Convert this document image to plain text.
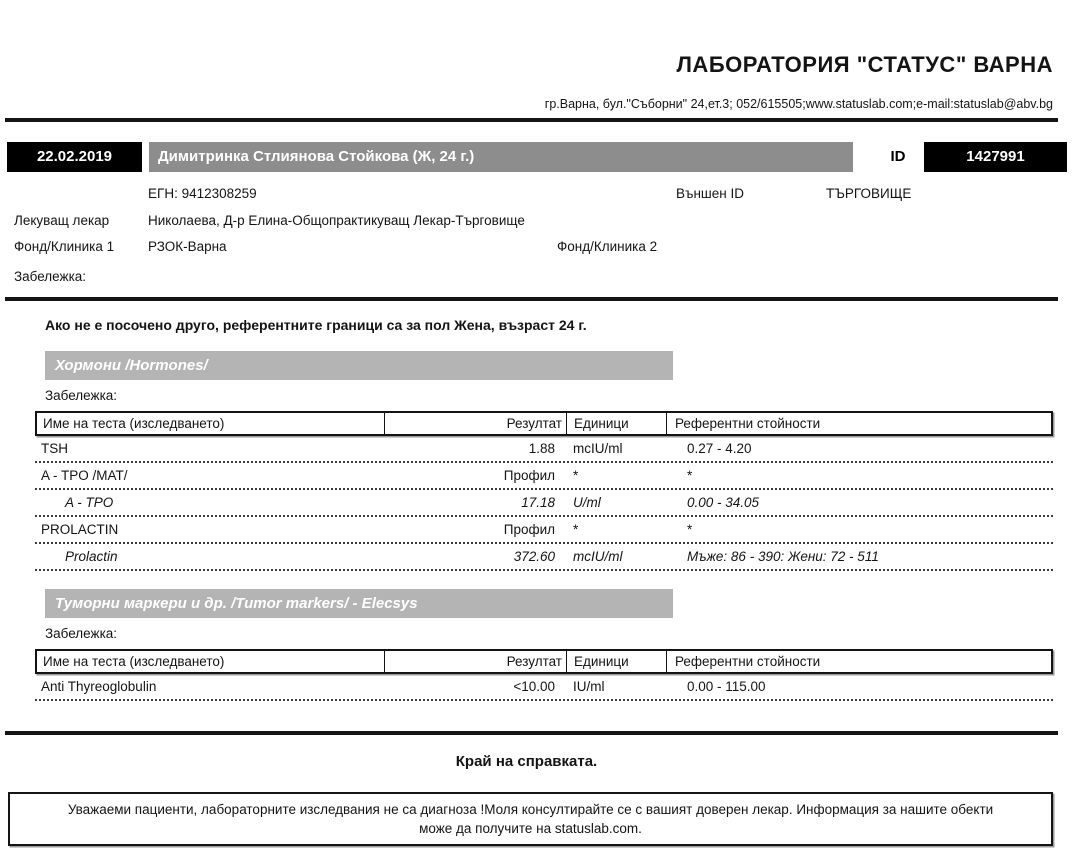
ЛАБОРАТОРИЯ "СТАТУС" ВАРНА
гр.Варна, бул."Съборни" 24,ет.3; 052/615505;www.statuslab.com;e-mail:statuslab@abv.bg
22.02.2019	Димитринка Стлиянова Стойкова (Ж, 24 г.)	ID	1427991
ЕГН: 9412308259	Външен ID	ТЪРГОВИЩЕ
Лекуващ лекар	Николаева, Д-р Елина-Общопрактикуващ Лекар-Търговище
Фонд/Клиника 1	РЗОК-Варна	Фонд/Клиника 2
Забележка:
Ако не е посочено друго, референтните граници са за пол Жена, възраст 24 г.
Хормони /Hormones/
Забележка:
Име на теста (изследването)	Резултат Единици	Референтни стойности
TSH	1.88	mcIU/ml	0.27 - 4.20
A - TPO /MAT/	Профил	*	*
A - TPO	17.18	U/ml	0.00 - 34.05
PROLACTIN	Профил	*	*
Prolactin	372.60	mcIU/ml	Мъже: 86 - 390: Жени: 72 - 511
Туморни маркери и др. /Tumor markers/ - Elecsys
Забележка:
Име на теста (изследването)	Резултат Единици	Референтни стойности
Anti Thyreoglobulin	<10.00	IU/ml	0.00 - 115.00
Край на справката.
Уважаеми пациенти, лабораторните изследвания не са диагноза !Моля консултирайте се с вашият доверен лекар. Информация за нашите обекти може да получите на statuslab.com.
